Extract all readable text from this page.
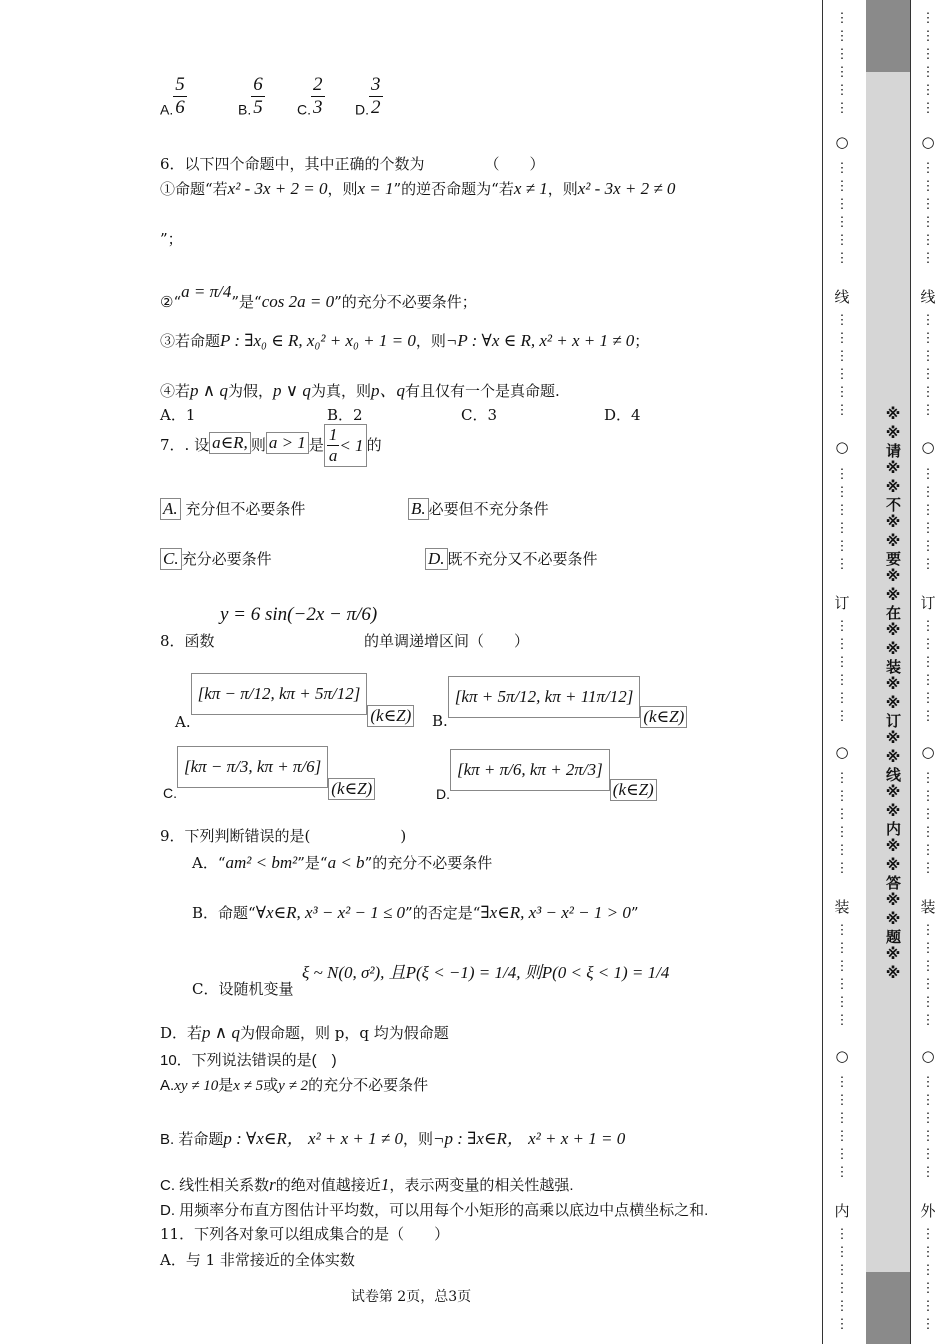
A. $\frac{5}{6}$	B. $\frac{6}{5} C$. $\frac{2}{3} D$. $\frac{3}{2}$
6．以下四个命题中，其中正确的个数为	（　　）
①命题“若x² - 3x + 2 = 0，则x = 1”的逆否命题为“若x ≠ 1，则x² - 3x + 2 ≠ 0
”；
②“a = π/4”是“cos 2a = 0”的充分不必要条件；
③若命题P : ∃x₀ ∈ R, x₀² + x₀ + 1 = 0，则¬P : ∀x ∈ R, x² + x + 1 ≠ 0；
④若p ∧ q为假，p ∨ q为真，则p、q有且仅有一个是真命题.
A．1	B．2	C．3	D．4
7．. 设 a∈R, 则 a > 1 是 $\frac{1}{a} < 1$ 的
A. 充分但不必要条件	B. 必要但不充分条件
C. 充分必要条件	D. 既不充分又不必要条件
8．函数
y = 6 sin(−2x − π/6)
的单调递增区间（　　）
A.[kπ − π/12, kπ + 5π/12](k∈Z) B.[kπ + 5π/12, kπ + 11π/12](k∈Z)
C.[kπ − π/3, kπ + π/6](k∈Z)	D.[kπ + π/6, kπ + 2π/3](k∈Z)
9．下列判断错误的是(　　　　　　)
A．“am² < bm²”是“a < b”的充分不必要条件
B．命题“∀x∈R, x³ − x² − 1 ≤ 0”的否定是“∃x∈R, x³ − x² − 1 > 0”
C．设随机变量
ξ ~ N(0, σ²), 且P(ξ < −1) = 1/4, 则P(0 < ξ < 1) = 1/4
D．若p ∧ q为假命题，则 p，q 均为假命题
10．下列说法错误的是(　)
A.xy ≠ 10是x ≠ 5或y ≠ 2的充分不必要条件
B. 若命题p : ∀x∈R， x² + x + 1 ≠ 0，则¬p : ∃x∈R， x² + x + 1 = 0
C. 线性相关系数r的绝对值越接近1，表示两变量的相关性越强.
D. 用频率分布直方图估计平均数，可以用每个小矩形的高乘以底边中点横坐标之和.
11．下列各对象可以组成集合的是（　　）
A．与 1 非常接近的全体实数
试卷第 2页，总3页
※※请※※不※※要※※在※※装※※订※※线※※内※※答※※题※※
○
线
○
订
○
装
○
内
○
线
○
订
○
装
○
外
⋮
⋮
⋮
⋮
⋮
⋮
⋮
⋮
⋮
⋮
⋮
⋮
⋮
⋮
⋮
⋮
⋮
⋮
⋮
⋮
⋮
⋮
⋮
⋮
⋮
⋮
⋮
⋮
⋮
⋮
⋮
⋮
⋮
⋮
⋮
⋮
⋮
⋮
⋮
⋮
⋮
⋮
⋮
⋮
⋮
⋮
⋮
⋮
⋮
⋮
⋮
⋮
⋮
⋮
⋮
⋮
⋮
⋮
⋮
⋮
⋮
⋮
⋮
⋮
⋮
⋮
⋮
⋮
⋮
⋮
⋮
⋮
⋮
⋮
⋮
⋮
⋮
⋮
⋮
⋮
⋮
⋮
⋮
⋮
⋮
⋮
⋮
⋮
⋮
⋮
⋮
⋮
⋮
⋮
⋮
⋮
⋮
⋮
⋮
⋮
⋮
⋮
⋮
⋮
⋮
⋮
⋮
⋮
